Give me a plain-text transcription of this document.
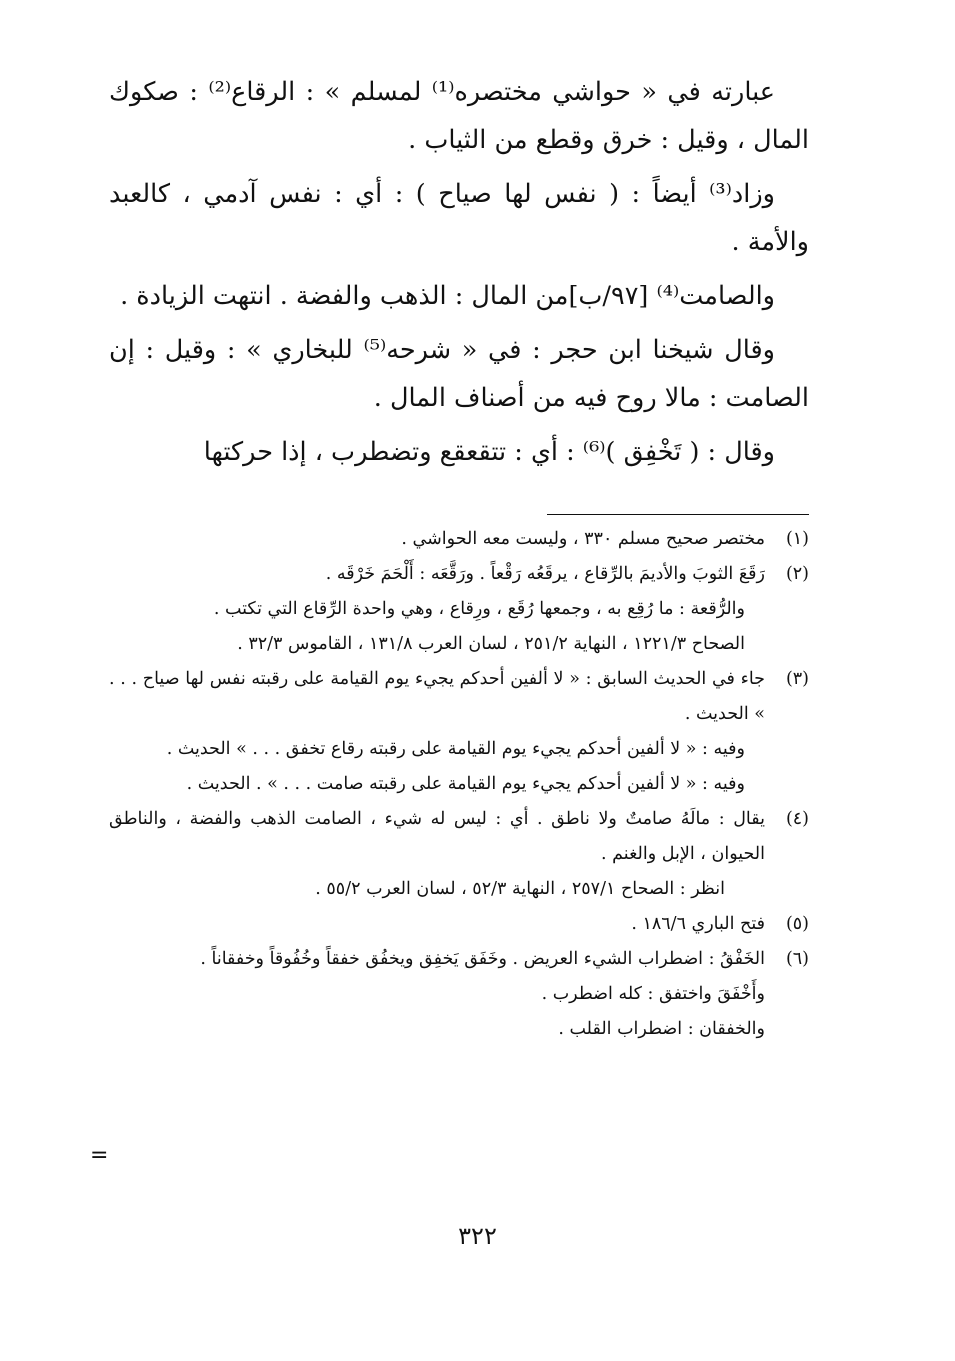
عبارته في « حواشي مختصره⁽¹⁾ لمسلم » : الرقاع⁽²⁾ : صكوك المال ، وقيل : خرق وقطع من الثياب .

وزاد⁽³⁾ أيضاً : ( نفس لها صياح ) : أي : نفس آدمي ، كالعبد والأمة .

والصامت⁽⁴⁾ [٩٧/ب]من المال : الذهب والفضة . انتهت الزيادة .

وقال شيخنا ابن حجر : في « شرحه⁽⁵⁾ للبخاري » : وقيل : إن الصامت : مالا روح فيه من أصناف المال .

وقال : ( تَخْفِق )⁽⁶⁾ : أي : تتقعقع وتضطرب ، إذا حركتها

(١)
مختصر صحيح مسلم ٣٣٠ ، وليست معه الحواشي .
(٢)
رَقَعَ الثوبَ والأديمَ بالرِّقاع ، يرقَعُه رَقْعاً . ورَقَّعَه : أَلْحَمَ خَرْقَه .
والرُّقعة : ما رُقِع به ، وجمعها رُقَع ، ورِقاع ، وهي واحدة الرِّقاع التي تكتب .
الصحاح ١٢٢١/٣ ، النهاية ٢٥١/٢ ، لسان العرب ١٣١/٨ ، القاموس ٣٢/٣ .
(٣)
جاء في الحديث السابق : « لا ألفين أحدكم يجيء يوم القيامة على رقبته نفس لها صياح . . . » الحديث .
وفيه : « لا ألفين أحدكم يجيء يوم القيامة على رقبته رقاع تخفق . . . » الحديث .
وفيه : « لا ألفين أحدكم يجيء يوم القيامة على رقبته صامت . . . » . الحديث .
(٤)
يقال : مالَهُ صامتٌ ولا ناطق . أي : ليس له شيء ، الصامت الذهب والفضة ، والناطق الحيوان ، الإبل والغنم .
انظر : الصحاح ٢٥٧/١ ، النهاية ٥٢/٣ ، لسان العرب ٥٥/٢ .
(٥)
فتح الباري ١٨٦/٦ .
(٦)
الخَفْقُ : اضطراب الشيء العريض . وخَفَق يَخفِق ويخفُق خفقاً وخُفُوقاً وخفقاناً .
وأَخْفَقَ واختفق : كله اضطرب .
والخفقان : اضطراب القلب .
=
٣٢٢
